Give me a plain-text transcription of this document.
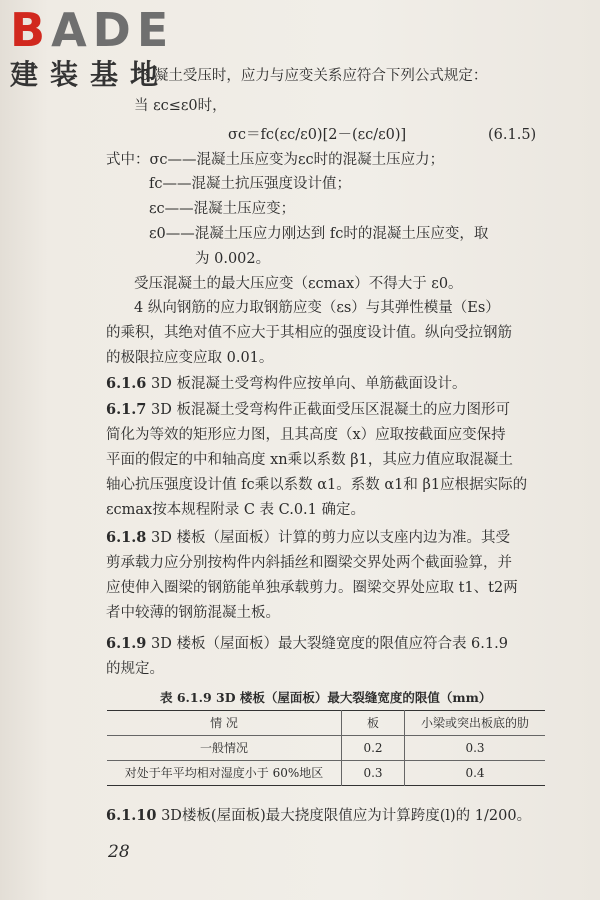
BADE
建装基地
3 凝土受压时，应力与应变关系应符合下列公式规定：
当 εc≤ε0时，
σc＝fc(εc/ε0)[2－(εc/ε0)]	(6.1.5)
式中：σc——混凝土压应变为εc时的混凝土压应力；
fc——混凝土抗压强度设计值；
εc——混凝土压应变；
ε0——混凝土压应力刚达到 fc时的混凝土压应变，取
为 0.002。
受压混凝土的最大压应变（εcmax）不得大于 ε0。
4 纵向钢筋的应力取钢筋应变（εs）与其弹性模量（Es）
的乘积，其绝对值不应大于其相应的强度设计值。纵向受拉钢筋
的极限拉应变应取 0.01。
6.1.6 3D 板混凝土受弯构件应按单向、单筋截面设计。
6.1.7 3D 板混凝土受弯构件正截面受压区混凝土的应力图形可
简化为等效的矩形应力图，且其高度（x）应取按截面应变保持
平面的假定的中和轴高度 xn乘以系数 β1，其应力值应取混凝土
轴心抗压强度设计值 fc乘以系数 α1。系数 α1和 β1应根据实际的
εcmax按本规程附录 C 表 C.0.1 确定。
6.1.8 3D 楼板（屋面板）计算的剪力应以支座内边为准。其受
剪承载力应分别按构件内斜插丝和圈梁交界处两个截面验算，并
应使伸入圈梁的钢筋能单独承载剪力。圈梁交界处应取 t1、t2两
者中较薄的钢筋混凝土板。
6.1.9 3D 楼板（屋面板）最大裂缝宽度的限值应符合表 6.1.9
的规定。
表 6.1.9 3D 楼板（屋面板）最大裂缝宽度的限值（mm）
情 况	板	小梁或突出板底的肋
一般情况	0.2	0.3
对处于年平均相对湿度小于 60%地区	0.3	0.4
6.1.10 3D楼板(屋面板)最大挠度限值应为计算跨度(l)的 1/200。
28
